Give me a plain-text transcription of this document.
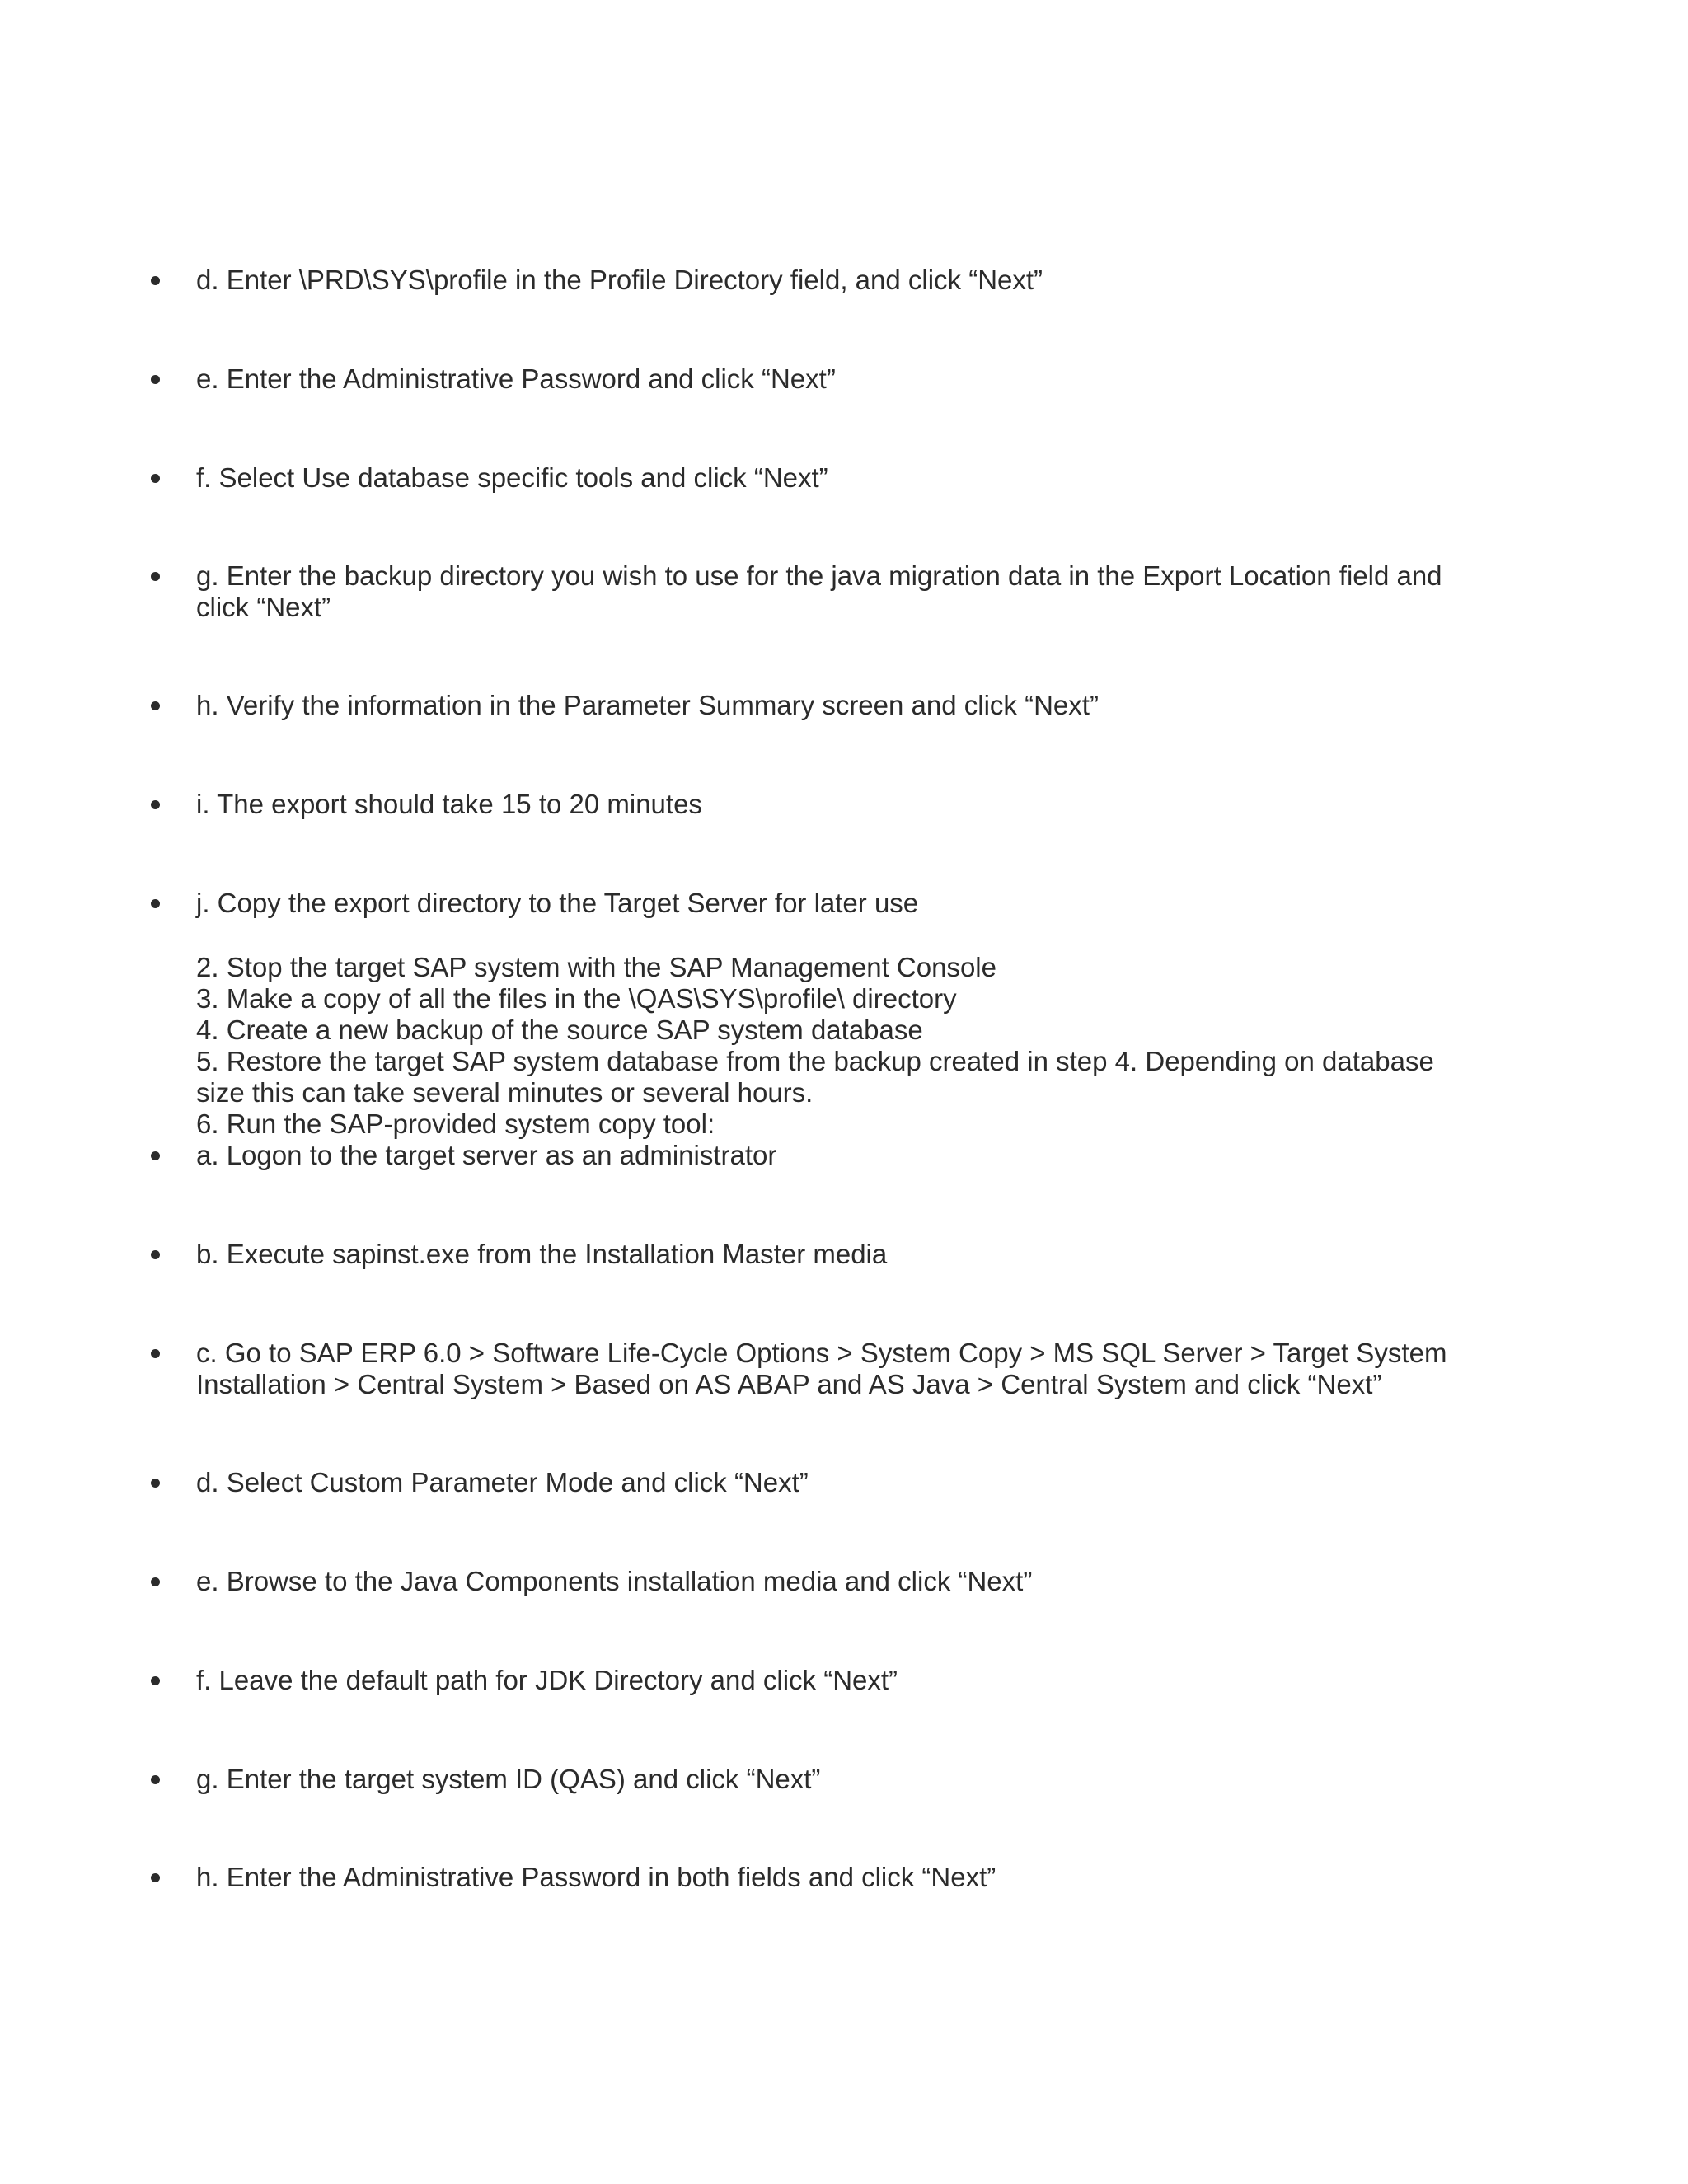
d. Enter \PRD\SYS\profile in the Profile Directory field, and click “Next”
e. Enter the Administrative Password and click “Next”
f. Select Use database specific tools and click “Next”
g. Enter the backup directory you wish to use for the java migration data in the Export Location field and
click “Next”
h. Verify the information in the Parameter Summary screen and click “Next”
i. The export should take 15 to 20 minutes
j. Copy the export directory to the Target Server for later use
2. Stop the target SAP system with the SAP Management Console
3. Make a copy of all the files in the \QAS\SYS\profile\ directory
4. Create a new backup of the source SAP system database
5. Restore the target SAP system database from the backup created in step 4. Depending on database
size this can take several minutes or several hours.
6. Run the SAP-provided system copy tool:
a. Logon to the target server as an administrator
b. Execute sapinst.exe from the Installation Master media
c. Go to SAP ERP 6.0 > Software Life-Cycle Options > System Copy > MS SQL Server > Target System
Installation > Central System > Based on AS ABAP and AS Java > Central System and click “Next”
d. Select Custom Parameter Mode and click “Next”
e. Browse to the Java Components installation media and click “Next”
f. Leave the default path for JDK Directory and click “Next”
g. Enter the target system ID (QAS) and click “Next”
h. Enter the Administrative Password in both fields and click “Next”
